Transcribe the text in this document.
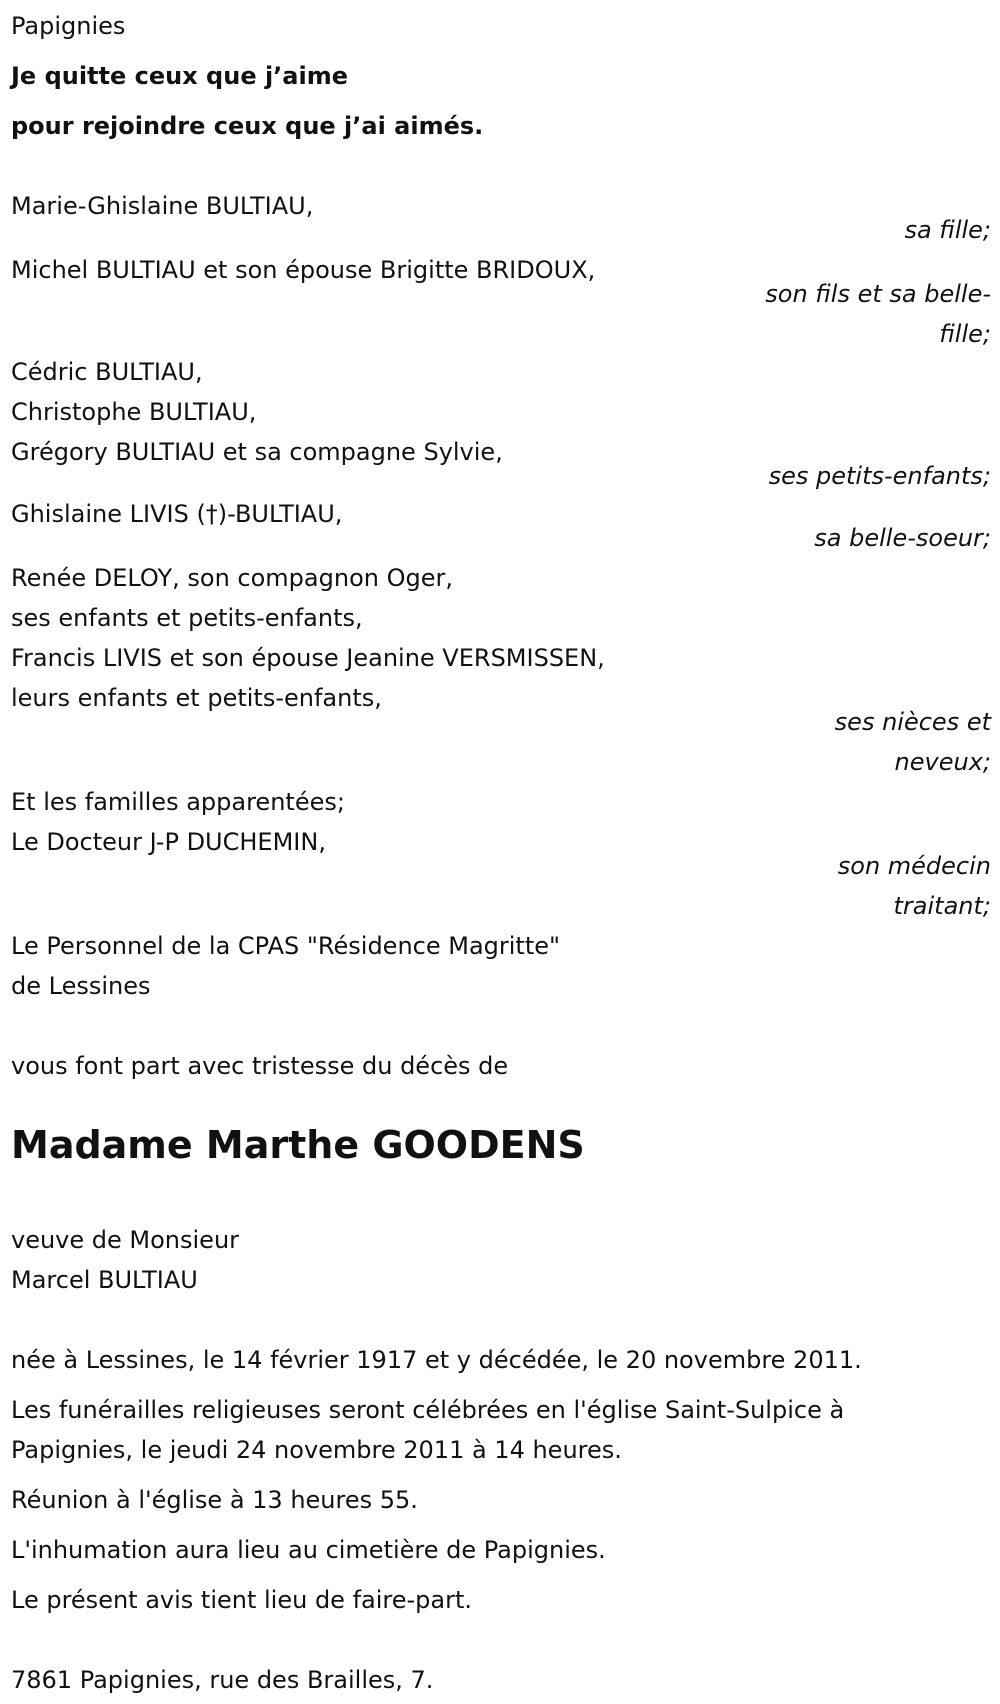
Papignies
Je quitte ceux que j’aime
pour rejoindre ceux que j’ai aimés.
Marie-Ghislaine BULTIAU,
sa fille;
Michel BULTIAU et son épouse Brigitte BRIDOUX,
son fils et sa belle-
fille;
Cédric BULTIAU,
Christophe BULTIAU,
Grégory BULTIAU et sa compagne Sylvie,
ses petits-enfants;
Ghislaine LIVIS (†)-BULTIAU,
sa belle-soeur;
Renée DELOY, son compagnon Oger,
ses enfants et petits-enfants,
Francis LIVIS et son épouse Jeanine VERSMISSEN,
leurs enfants et petits-enfants,
ses nièces et
neveux;
Et les familles apparentées;
Le Docteur J-P DUCHEMIN,
son médecin
traitant;
Le Personnel de la CPAS "Résidence Magritte"
de Lessines
vous font part avec tristesse du décès de
Madame Marthe GOODENS
veuve de Monsieur
Marcel BULTIAU
née à Lessines, le 14 février 1917 et y décédée, le 20 novembre 2011.
Les funérailles religieuses seront célébrées en l'église Saint-Sulpice à Papignies, le jeudi 24 novembre 2011 à 14 heures.
Réunion à l'église à 13 heures 55.
L'inhumation aura lieu au cimetière de Papignies.
Le présent avis tient lieu de faire-part.
7861 Papignies, rue des Brailles, 7.
